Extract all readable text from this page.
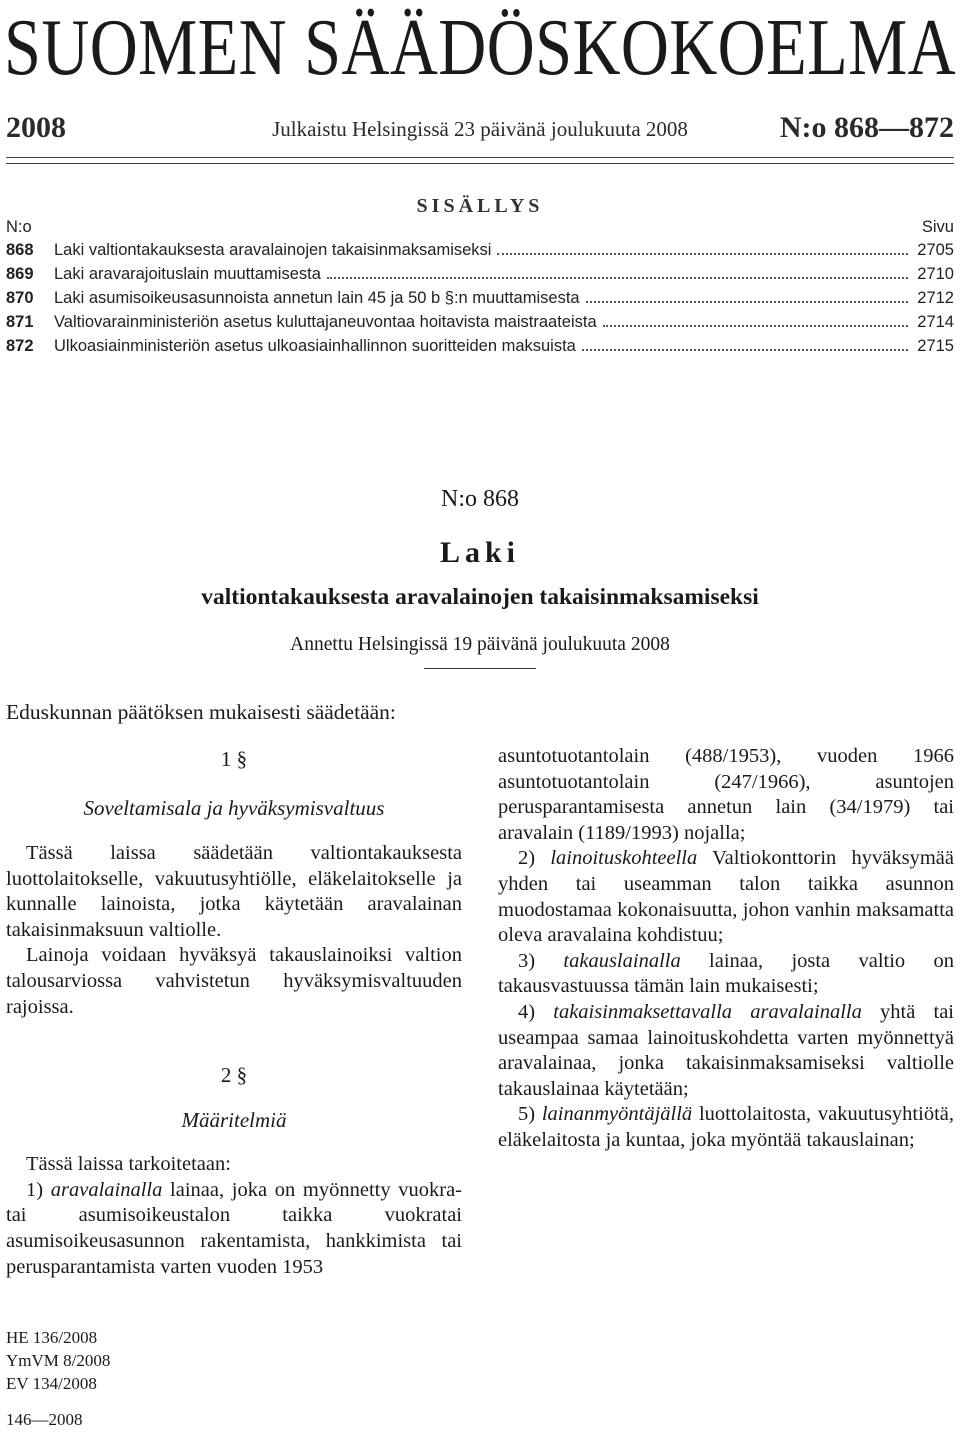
SUOMEN SÄÄDÖSKOKOELMA
2008	Julkaistu Helsingissä 23 päivänä joulukuuta 2008	N:o 868—872
SISÄLLYS
N:o	Sivu
868	Laki valtiontakauksesta aravalainojen takaisinmaksamiseksi	2705
869	Laki aravarajoituslain muuttamisesta	2710
870	Laki asumisoikeusasunnoista annetun lain 45 ja 50 b §:n muuttamisesta	2712
871	Valtiovarainministeriön asetus kuluttajaneuvontaa hoitavista maistraateista	2714
872	Ulkoasiainministeriön asetus ulkoasiainhallinnon suoritteiden maksuista	2715
N:o 868
Laki
valtiontakauksesta aravalainojen takaisinmaksamiseksi
Annettu Helsingissä 19 päivänä joulukuuta 2008
Eduskunnan päätöksen mukaisesti säädetään:
1 §
Soveltamisala ja hyväksymisvaltuus

Tässä laissa säädetään valtiontakauksesta luottolaitokselle, vakuutusyhtiölle, eläkelaitokselle ja kunnalle lainoista, jotka käytetään aravalainan takaisinmaksuun valtiolle.

Lainoja voidaan hyväksyä takauslainoiksi valtion talousarviossa vahvistetun hyväksymisvaltuuden rajoissa.

2 §
Määritelmiä

Tässä laissa tarkoitetaan:

1) aravalainalla lainaa, joka on myönnetty vuokra- tai asumisoikeustalon taikka vuokratai asumisoikeusasunnon rakentamista, hankkimista tai perusparantamista varten vuoden 1953

asuntotuotantolain (488/1953), vuoden 1966 asuntotuotantolain (247/1966), asuntojen perusparantamisesta annetun lain (34/1979) tai aravalain (1189/1993) nojalla;

2) lainoituskohteella Valtiokonttorin hyväksymää yhden tai useamman talon taikka asunnon muodostamaa kokonaisuutta, johon vanhin maksamatta oleva aravalaina kohdistuu;

3) takauslainalla lainaa, josta valtio on takausvastuussa tämän lain mukaisesti;

4) takaisinmaksettavalla aravalainalla yhtä tai useampaa samaa lainoituskohdetta varten myönnettyä aravalainaa, jonka takaisinmaksamiseksi valtiolle takauslainaa käytetään;

5) lainanmyöntäjällä luottolaitosta, vakuutusyhtiötä, eläkelaitosta ja kuntaa, joka myöntää takauslainan;

HE 136/2008
YmVM 8/2008
EV 134/2008
146—2008
